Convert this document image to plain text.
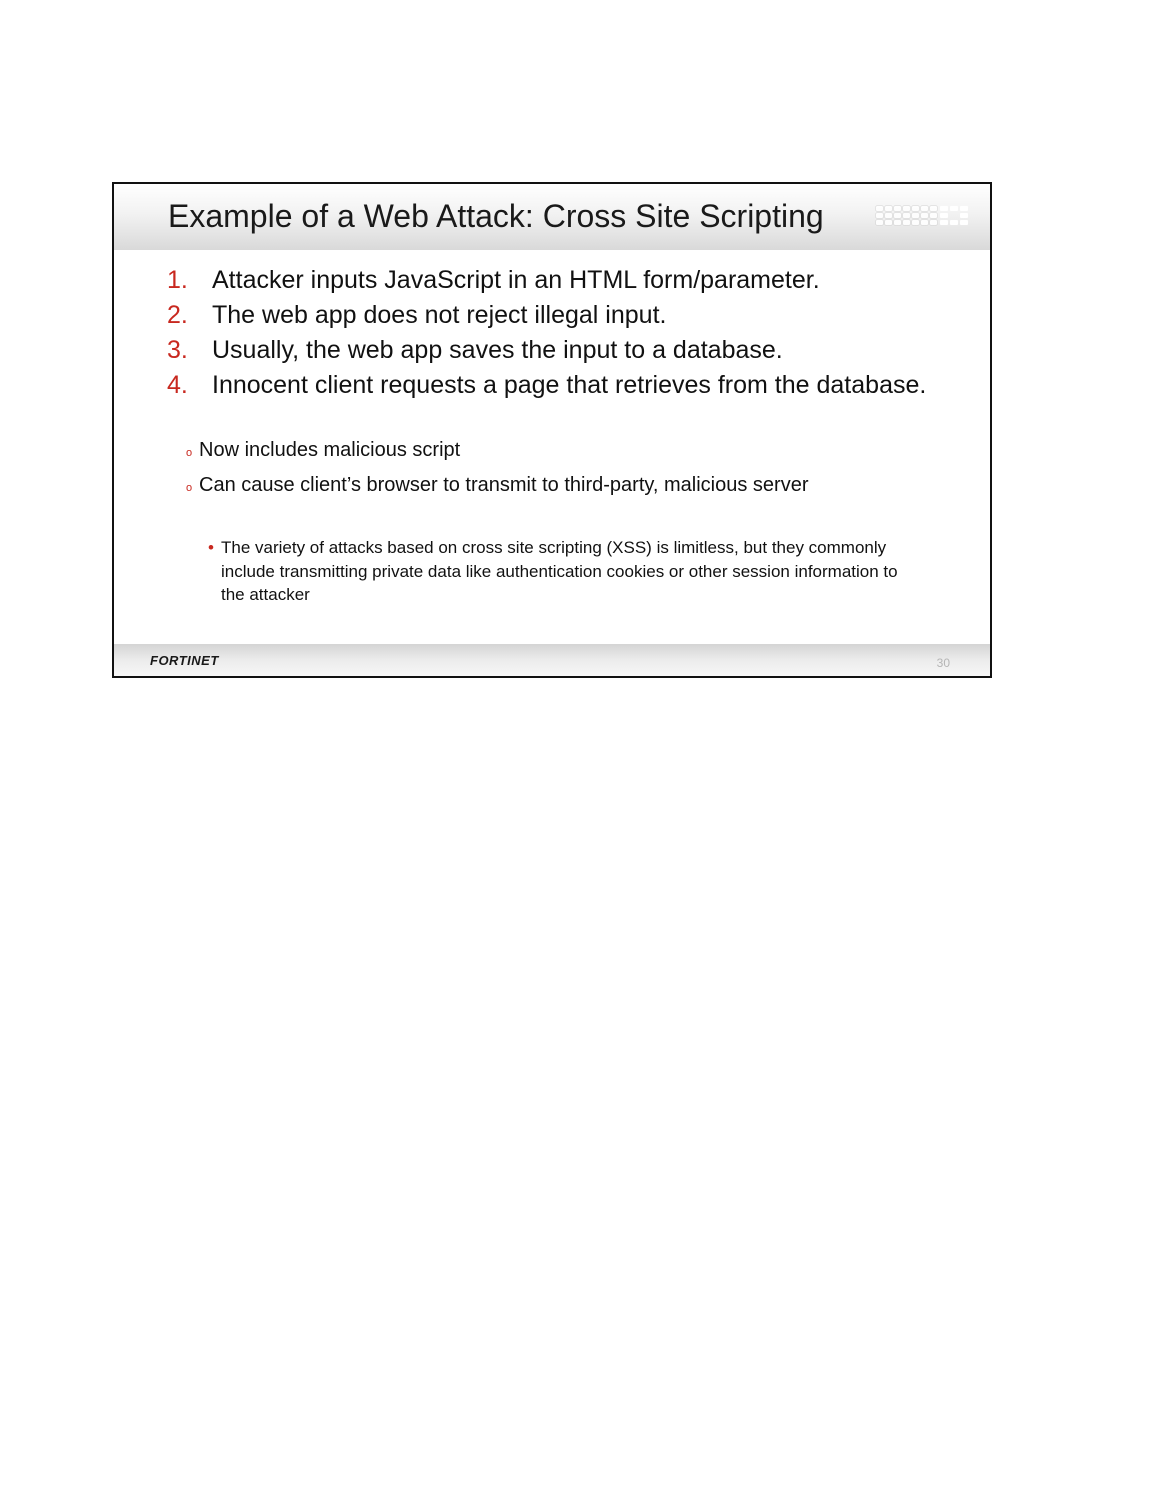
Example of a Web Attack: Cross Site Scripting
1. Attacker inputs JavaScript in an HTML form/parameter.
2. The web app does not reject illegal input.
3. Usually, the web app saves the input to a database.
4. Innocent client requests a page that retrieves from the database.
o Now includes malicious script
o Can cause client’s browser to transmit to third-party, malicious server
• The variety of attacks based on cross site scripting (XSS) is limitless, but they commonly include transmitting private data like authentication cookies or other session information to the attacker
FORTINET	30
